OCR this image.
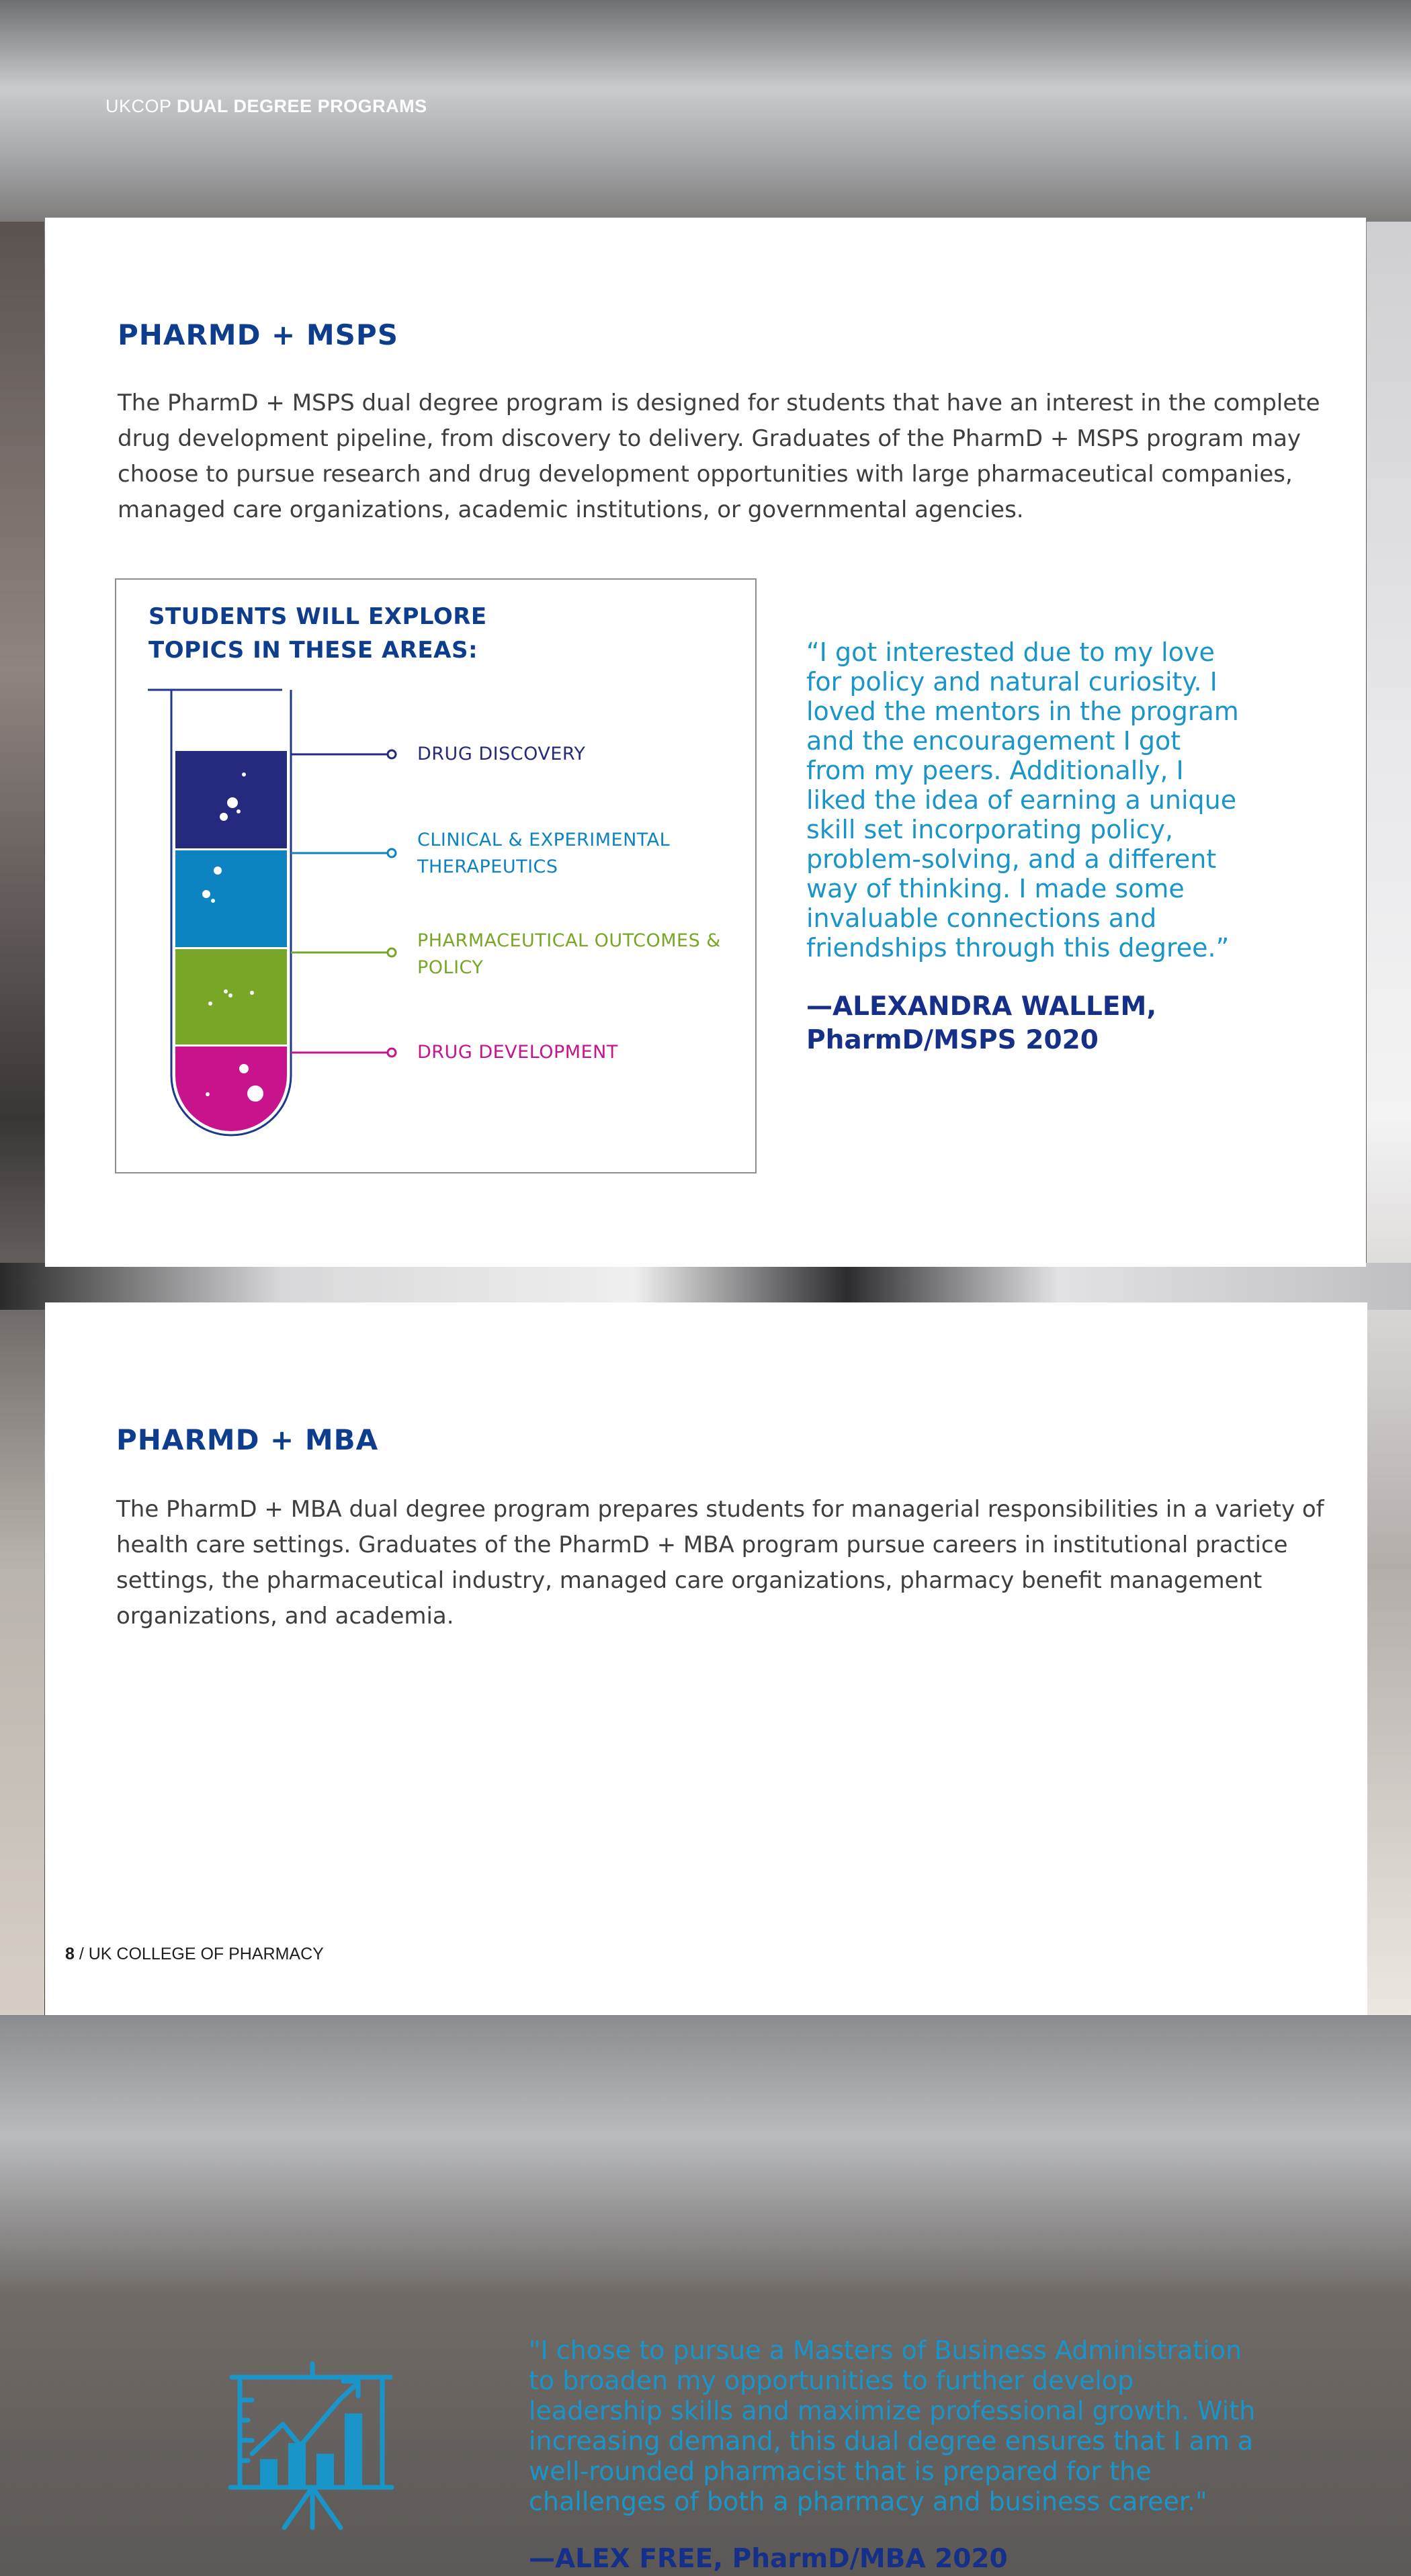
UKCOP DUAL DEGREE PROGRAMS
PHARMD + MSPS
The PharmD + MSPS dual degree program is designed for students that have an interest in the complete drug development pipeline, from discovery to delivery. Graduates of the PharmD + MSPS program may choose to pursue research and drug development opportunities with large pharmaceutical companies, managed care organizations, academic institutions, or governmental agencies.
STUDENTS WILL EXPLORE
TOPICS IN THESE AREAS:
DRUG DISCOVERY
CLINICAL & EXPERIMENTAL
THERAPEUTICS
PHARMACEUTICAL OUTCOMES &
POLICY
DRUG DEVELOPMENT
“I got interested due to my love
for policy and natural curiosity. I
loved the mentors in the program
and the encouragement I got
from my peers. Additionally, I
liked the idea of earning a unique
skill set incorporating policy,
problem-solving, and a different
way of thinking. I made some
invaluable connections and
friendships through this degree.”
—ALEXANDRA WALLEM,
PharmD/MSPS 2020
PHARMD + MBA
The PharmD + MBA dual degree program prepares students for managerial responsibilities in a variety of health care settings. Graduates of the PharmD + MBA program pursue careers in institutional practice settings, the pharmaceutical industry, managed care organizations, pharmacy benefit management organizations, and academia.
"I chose to pursue a Masters of Business Administration
to broaden my opportunities to further develop
leadership skills and maximize professional growth. With
increasing demand, this dual degree ensures that I am a
well-rounded pharmacist that is prepared for the
challenges of both a pharmacy and business career."
—ALEX FREE, PharmD/MBA 2020
8 / UK COLLEGE OF PHARMACY
